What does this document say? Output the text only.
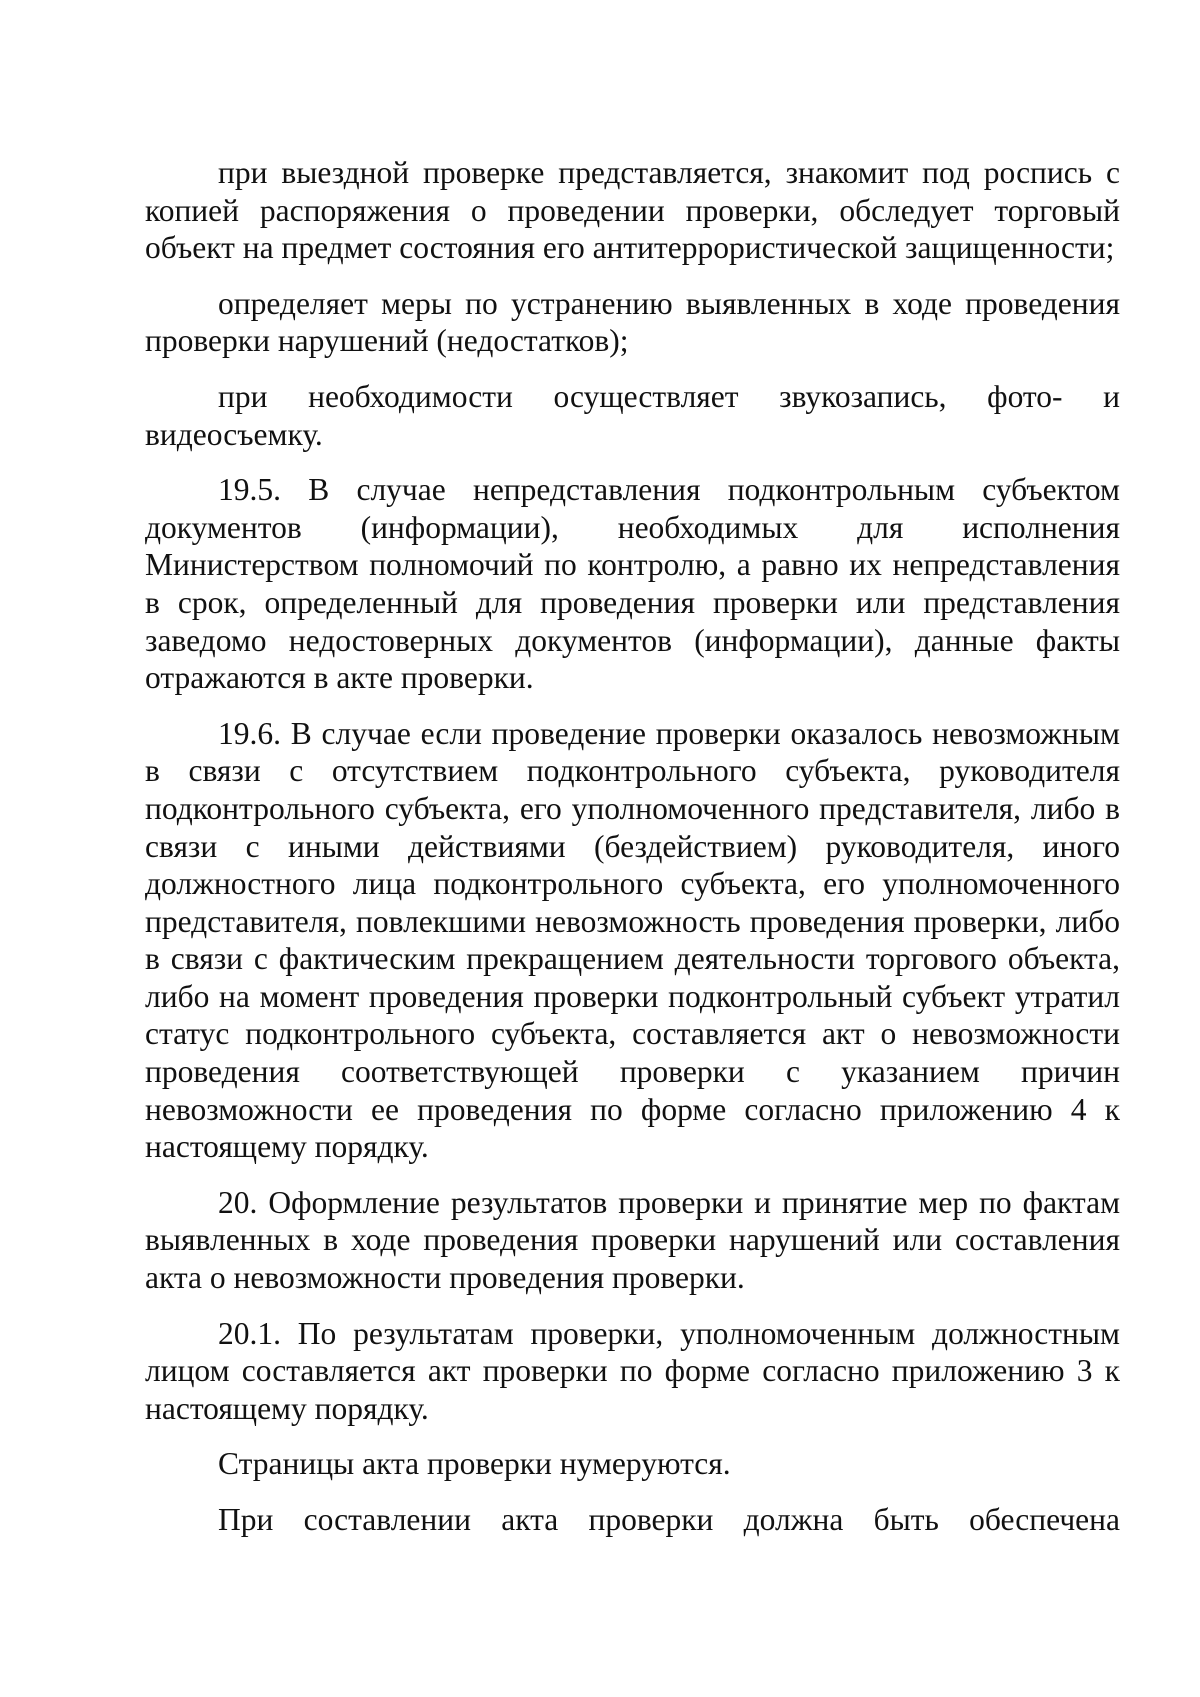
при выездной проверке представляется, знакомит под роспись с копией распоряжения о проведении проверки, обследует торговый объект на предмет состояния его антитеррористической защищенности;

определяет меры по устранению выявленных в ходе проведения проверки нарушений (недостатков);

при необходимости осуществляет звукозапись, фото- и видеосъемку.

19.5. В случае непредставления подконтрольным субъектом документов (информации), необходимых для исполнения Министерством полномочий по контролю, а равно их непредставления в срок, определенный для проведения проверки или представления заведомо недостоверных документов (информации), данные факты отражаются в акте проверки.

19.6. В случае если проведение проверки оказалось невозможным в связи с отсутствием подконтрольного субъекта, руководителя подконтрольного субъекта, его уполномоченного представителя, либо в связи с иными действиями (бездействием) руководителя, иного должностного лица подконтрольного субъекта, его уполномоченного представителя, повлекшими невозможность проведения проверки, либо в связи с фактическим прекращением деятельности торгового объекта, либо на момент проведения проверки подконтрольный субъект утратил статус подконтрольного субъекта, составляется акт о невозможности проведения соответствующей проверки с указанием причин невозможности ее проведения по форме согласно приложению 4 к настоящему порядку.

20. Оформление результатов проверки и принятие мер по фактам выявленных в ходе проведения проверки нарушений или составления акта о невозможности проведения проверки.

20.1. По результатам проверки, уполномоченным должностным лицом составляется акт проверки по форме согласно приложению 3 к настоящему порядку.

Страницы акта проверки нумеруются.

При составлении акта проверки должна быть обеспечена
